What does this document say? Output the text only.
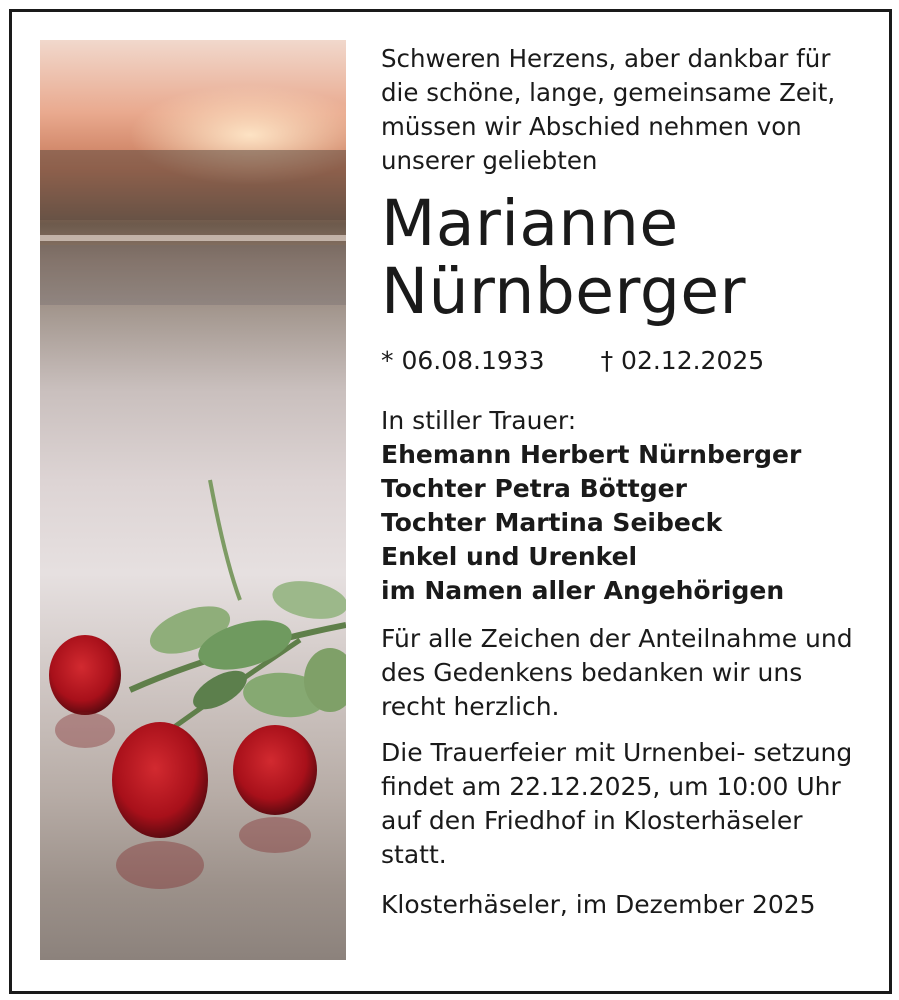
Schweren Herzens, aber dankbar für die schöne, lange, gemeinsame Zeit, müssen wir Abschied nehmen von unserer geliebten

Marianne
Nürnberger

* 06.08.1933 † 02.12.2025

In stiller Trauer:

Ehemann Herbert Nürnberger
Tochter Petra Böttger
Tochter Martina Seibeck
Enkel und Urenkel
im Namen aller Angehörigen

Für alle Zeichen der Anteilnahme und des Gedenkens bedanken wir uns recht herzlich.

Die Trauerfeier mit Urnenbei- setzung findet am 22.12.2025, um 10:00 Uhr auf den Friedhof in Klosterhäseler statt.

Klosterhäseler, im Dezember 2025
